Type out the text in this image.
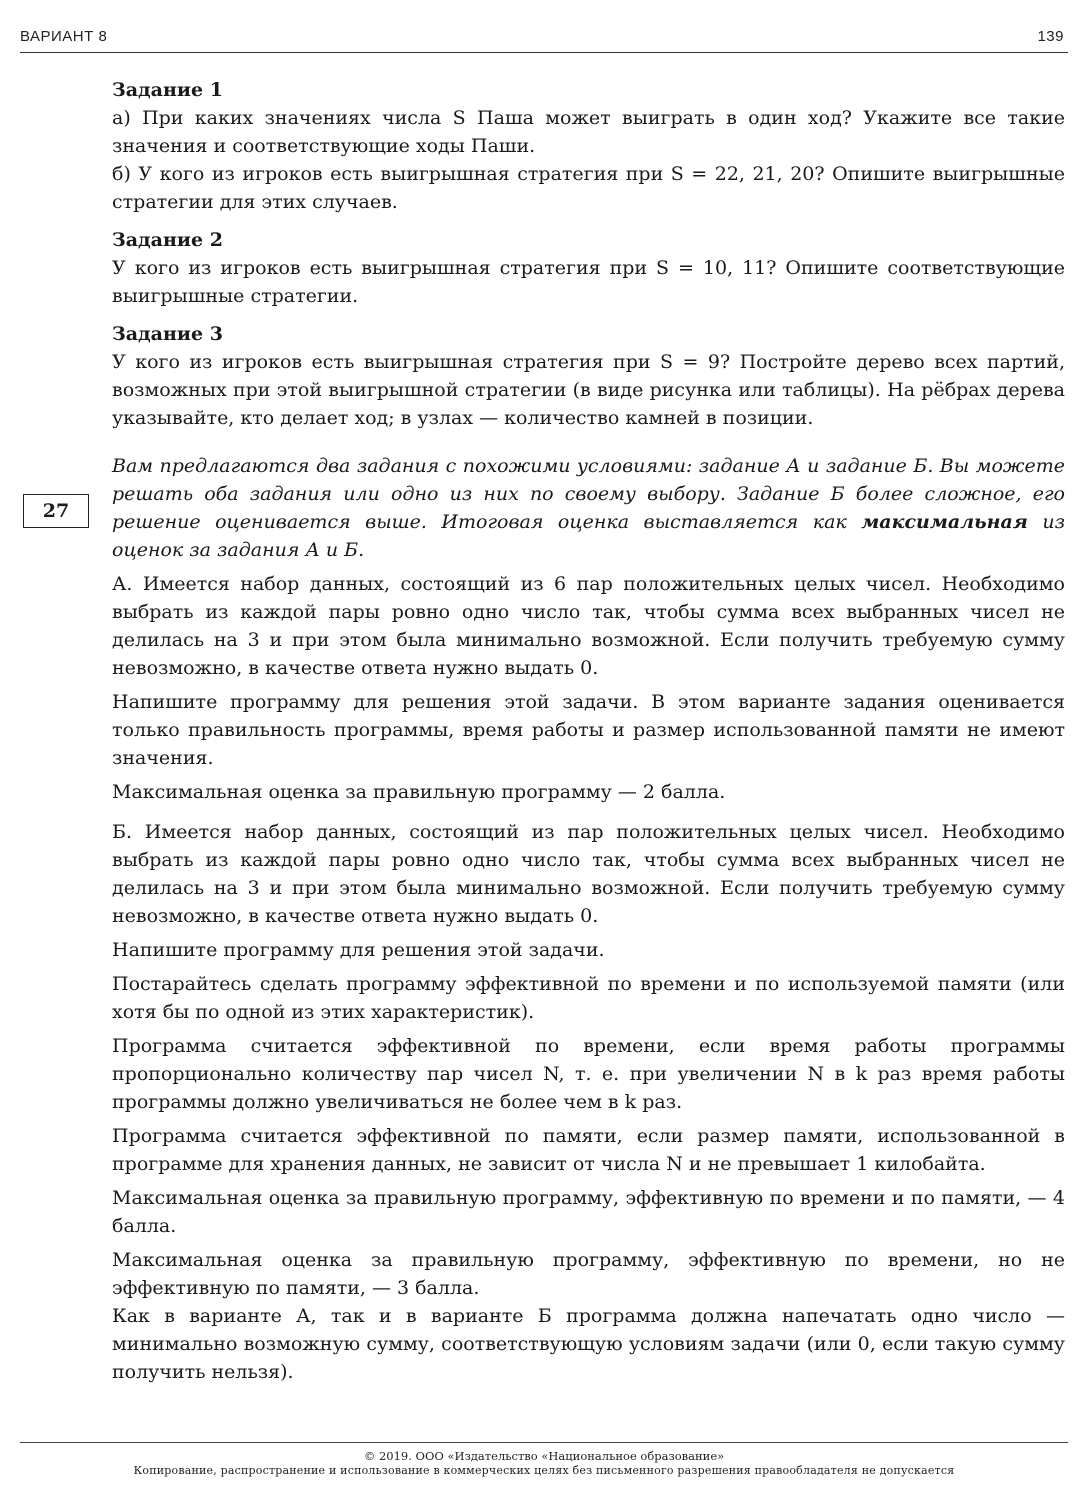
ВАРИАНТ 8	139

Задание 1

а) При каких значениях числа S Паша может выиграть в один ход? Укажите все такие значения и соответствующие ходы Паши.

б) У кого из игроков есть выигрышная стратегия при S = 22, 21, 20? Опишите выигрышные стратегии для этих случаев.

Задание 2

У кого из игроков есть выигрышная стратегия при S = 10, 11? Опишите соответствующие выигрышные стратегии.

Задание 3

У кого из игроков есть выигрышная стратегия при S = 9? Постройте дерево всех партий, возможных при этой выигрышной стратегии (в виде рисунка или таблицы). На рёбрах дерева указывайте, кто делает ход; в узлах — количество камней в позиции.

Вам предлагаются два задания с похожими условиями: задание А и задание Б. Вы можете решать оба задания или одно из них по своему выбору. Задание Б более сложное, его решение оценивается выше. Итоговая оценка выставляется как максимальная из оценок за задания А и Б.

А. Имеется набор данных, состоящий из 6 пар положительных целых чисел. Необходимо выбрать из каждой пары ровно одно число так, чтобы сумма всех выбранных чисел не делилась на 3 и при этом была минимально возможной. Если получить требуемую сумму невозможно, в качестве ответа нужно выдать 0.

Напишите программу для решения этой задачи. В этом варианте задания оценивается только правильность программы, время работы и размер использованной памяти не имеют значения.

Максимальная оценка за правильную программу — 2 балла.

Б. Имеется набор данных, состоящий из пар положительных целых чисел. Необходимо выбрать из каждой пары ровно одно число так, чтобы сумма всех выбранных чисел не делилась на 3 и при этом была минимально возможной. Если получить требуемую сумму невозможно, в качестве ответа нужно выдать 0.

Напишите программу для решения этой задачи.

Постарайтесь сделать программу эффективной по времени и по используемой памяти (или хотя бы по одной из этих характеристик).

Программа считается эффективной по времени, если время работы программы пропорционально количеству пар чисел N, т. е. при увеличении N в k раз время работы программы должно увеличиваться не более чем в k раз.

Программа считается эффективной по памяти, если размер памяти, использованной в программе для хранения данных, не зависит от числа N и не превышает 1 килобайта.

Максимальная оценка за правильную программу, эффективную по времени и по памяти, — 4 балла.

Максимальная оценка за правильную программу, эффективную по времени, но не эффективную по памяти, — 3 балла.

Как в варианте А, так и в варианте Б программа должна напечатать одно число — минимально возможную сумму, соответствующую условиям задачи (или 0, если такую сумму получить нельзя).

27
© 2019. ООО «Издательство «Национальное образование»
Копирование, распространение и использование в коммерческих целях без письменного разрешения правообладателя не допускается
